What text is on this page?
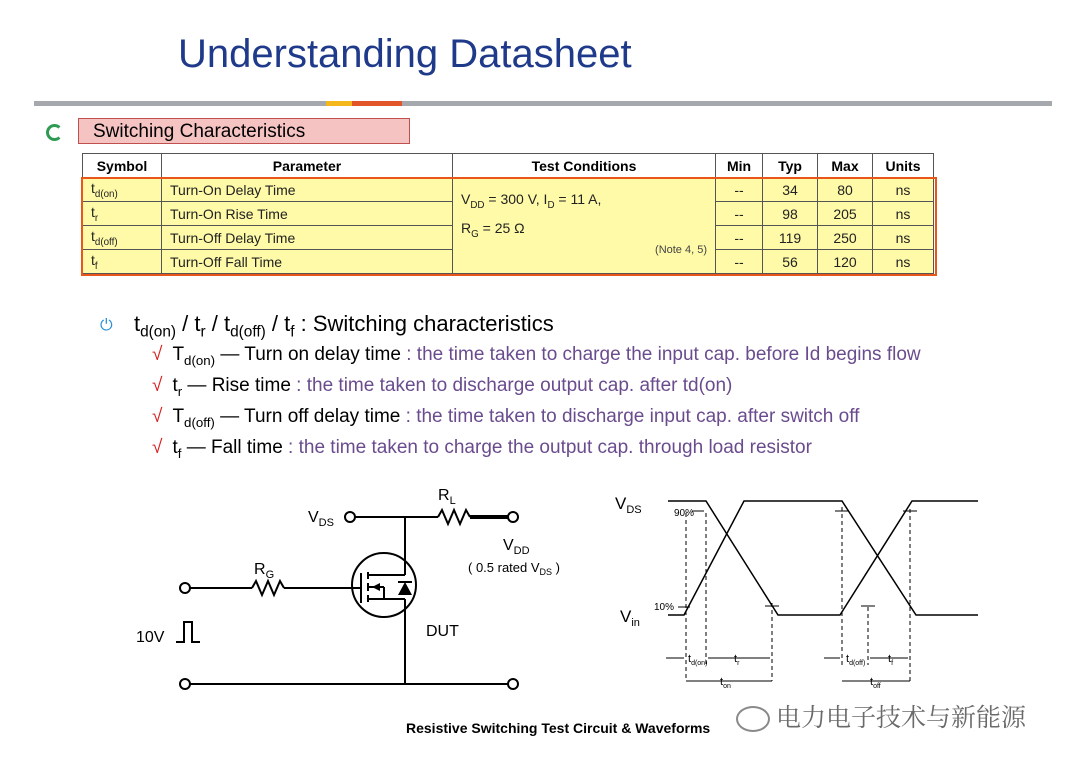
Understanding Datasheet
Switching Characteristics
Symbol	Parameter	Test Conditions	Min	Typ	Max	Units
$t_{d(on)}$	Turn-On Delay Time	$V_{DD} = 300$ V, $I_D = 11$ A,
$R_G = 25$ Ω
(Note 4, 5)	--	34	80	ns
$t_r$	Turn-On Rise Time		--	98	205	ns
$t_{d(off)}$	Turn-Off Delay Time		--	119	250	ns
$t_f$	Turn-Off Fall Time		--	56	120	ns
⏻ $t_{d(on)} / t_r / t_{d(off)} / t_f$ : Switching characteristics
√ $T_{d(on)}$ — Turn on delay time : the time taken to charge the input cap. before Id begins flow
√ $t_r$ — Rise time : the time taken to discharge output cap. after td(on)
√ $T_{d(off)}$ — Turn off delay time : the time taken to discharge input cap. after switch off
√ $t_f$ — Fall time : the time taken to charge the output cap. through load resistor
$V_{DS}$
$R_L$
$V_{DD}$
( 0.5 rated $V_{DS}$ )
$R_G$
10V	DUT
$V_{DS}$
$V_{in}$
90%
10%
$t_{d(on)}$ $t_r$
$t_{on}$
$t_{d(off)}$ $t_f$
$t_{off}$
Resistive Switching Test Circuit & Waveforms	电力电子技术与新能源
